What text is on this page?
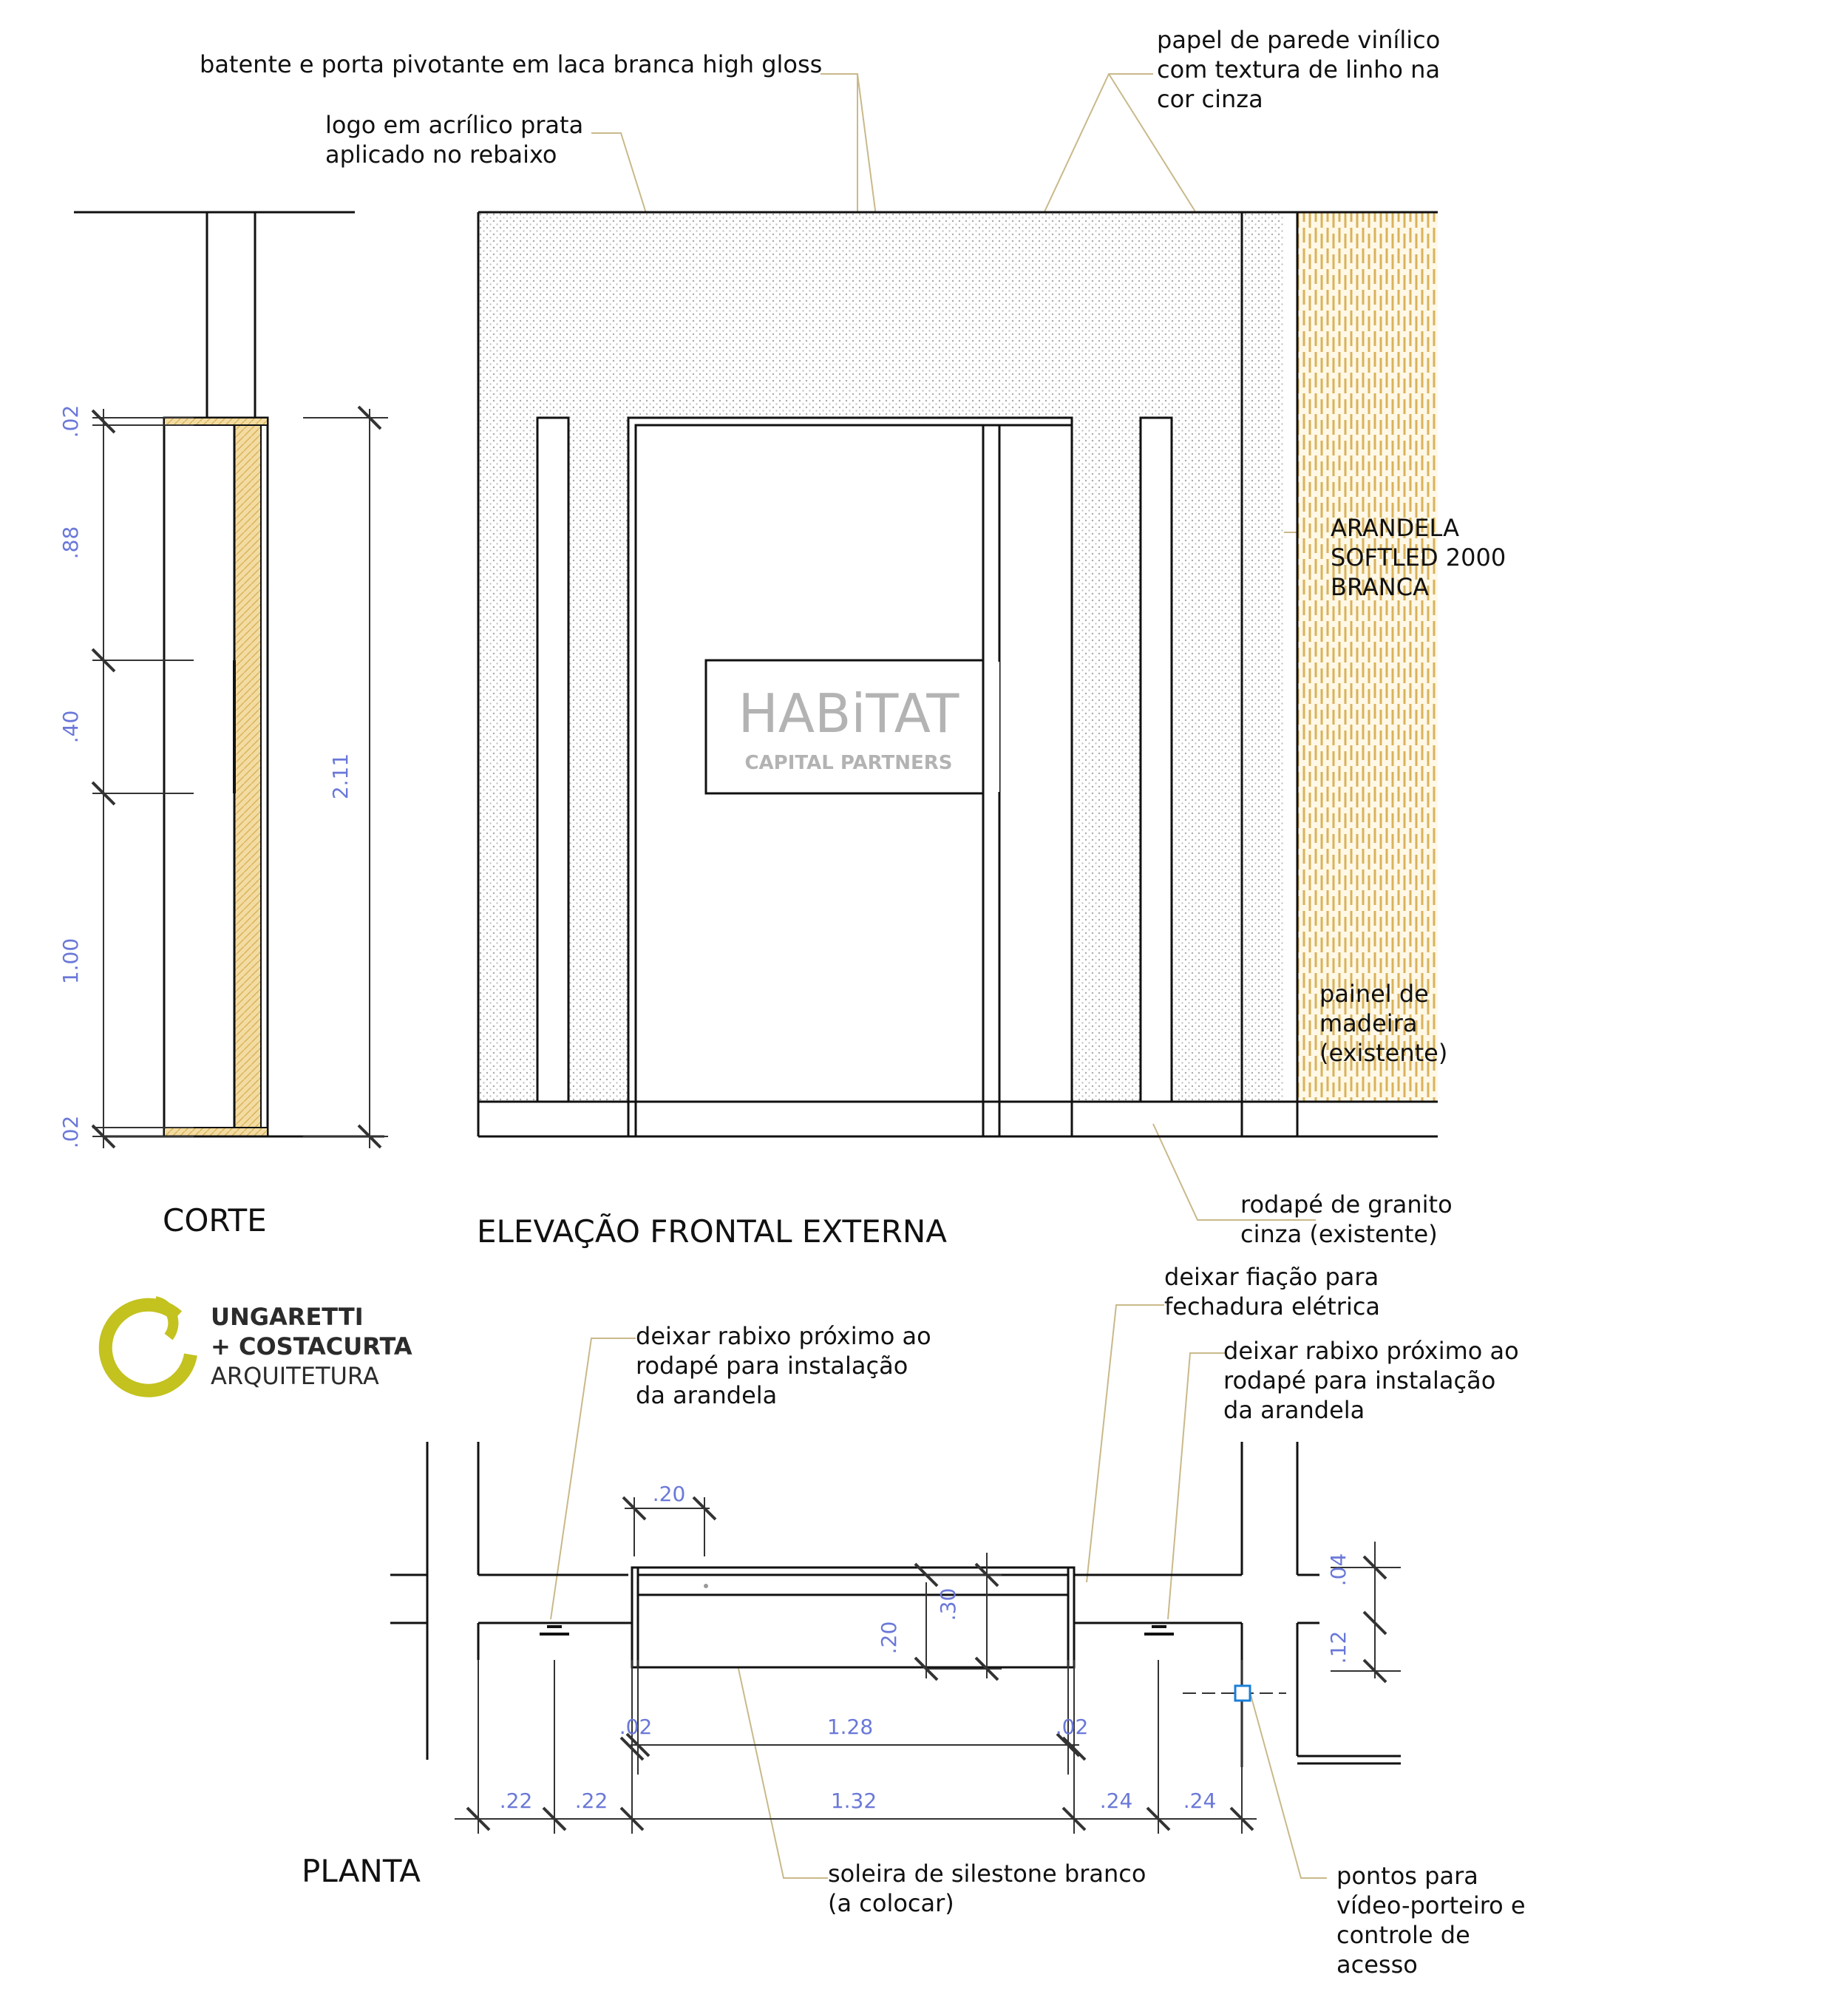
.02
.88
.40
1.00
.02
2.11
HABiTAT
CAPITAL PARTNERS
.20
.20
.30
.04
.12
.02	1.28	.02
.22 .22	1.32	.24 .24
batente e porta pivotante em laca branca high gloss
logo em acrílico prata
aplicado no rebaixo
papel de parede vinílico
com textura de linho na
cor cinza
ARANDELA
SOFTLED 2000
BRANCA
painel de
madeira
(existente)
rodapé de granito
cinza (existente)
deixar fiação para
fechadura elétrica
deixar rabixo próximo ao
rodapé para instalação
da arandela
deixar rabixo próximo ao
rodapé para instalação
da arandela
soleira de silestone branco
(a colocar)
pontos para
vídeo-porteiro e
controle de
acesso
CORTE	ELEVAÇÃO FRONTAL EXTERNA
PLANTA
UNGARETTI
+ COSTACURTA
ARQUITETURA
